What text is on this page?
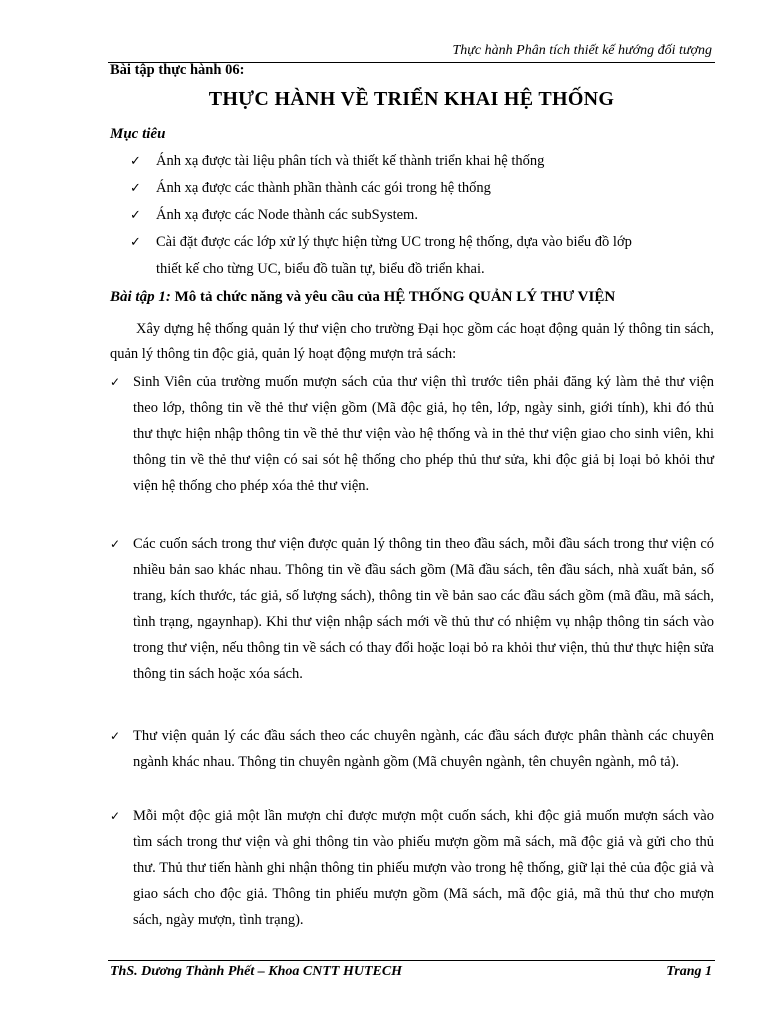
Thực hành Phân tích thiết kế hướng đối tượng
Bài tập thực hành 06:
THỰC HÀNH VỀ TRIỂN KHAI HỆ THỐNG
Mục tiêu
✓ Ánh xạ được tài liệu phân tích và thiết kế thành triển khai hệ thống
✓ Ánh xạ được các thành phần thành các gói trong hệ thống
✓ Ánh xạ được các Node thành các subSystem.
✓ Cài đặt được các lớp xử lý thực hiện từng UC trong hệ thống, dựa vào biểu đồ lớp
thiết kế cho từng UC, biểu đồ tuần tự, biểu đồ triển khai.
Bài tập 1: Mô tả chức năng và yêu cầu của HỆ THỐNG QUẢN LÝ THƯ VIỆN
Xây dựng hệ thống quản lý thư viện cho trường Đại học gồm các hoạt động quản lý thông tin sách, quản lý thông tin độc giả, quản lý hoạt động mượn trả sách:
✓ Sinh Viên của trường muốn mượn sách của thư viện thì trước tiên phải đăng ký làm thẻ thư viện theo lớp, thông tin về thẻ thư viện gồm (Mã độc giả, họ tên, lớp, ngày sinh, giới tính), khi đó thủ thư thực hiện nhập thông tin về thẻ thư viện vào hệ thống và in thẻ thư viện giao cho sinh viên, khi thông tin về thẻ thư viện có sai sót hệ thống cho phép thủ thư sửa, khi độc giả bị loại bỏ khỏi thư viện hệ thống cho phép xóa thẻ thư viện.
✓ Các cuốn sách trong thư viện được quản lý thông tin theo đầu sách, mỗi đầu sách trong thư viện có nhiều bản sao khác nhau. Thông tin về đầu sách gồm (Mã đầu sách, tên đầu sách, nhà xuất bản, số trang, kích thước, tác giả, số lượng sách), thông tin về bản sao các đầu sách gồm (mã đầu, mã sách, tình trạng, ngaynhap). Khi thư viện nhập sách mới về thủ thư có nhiệm vụ nhập thông tin sách vào trong thư viện, nếu thông tin về sách có thay đổi hoặc loại bỏ ra khỏi thư viện, thủ thư thực hiện sửa thông tin sách hoặc xóa sách.
✓ Thư viện quản lý các đầu sách theo các chuyên ngành, các đầu sách được phân thành các chuyên ngành khác nhau. Thông tin chuyên ngành gồm (Mã chuyên ngành, tên chuyên ngành, mô tả).
✓ Mỗi một độc giả một lần mượn chỉ được mượn một cuốn sách, khi độc giả muốn mượn sách vào tìm sách trong thư viện và ghi thông tin vào phiếu mượn gồm mã sách, mã độc giả và gửi cho thủ thư. Thủ thư tiến hành ghi nhận thông tin phiếu mượn vào trong hệ thống, giữ lại thẻ của độc giả và giao sách cho độc giả. Thông tin phiếu mượn gồm (Mã sách, mã độc giả, mã thủ thư cho mượn sách, ngày mượn, tình trạng).
ThS. Dương Thành Phết – Khoa CNTT HUTECH	Trang 1
